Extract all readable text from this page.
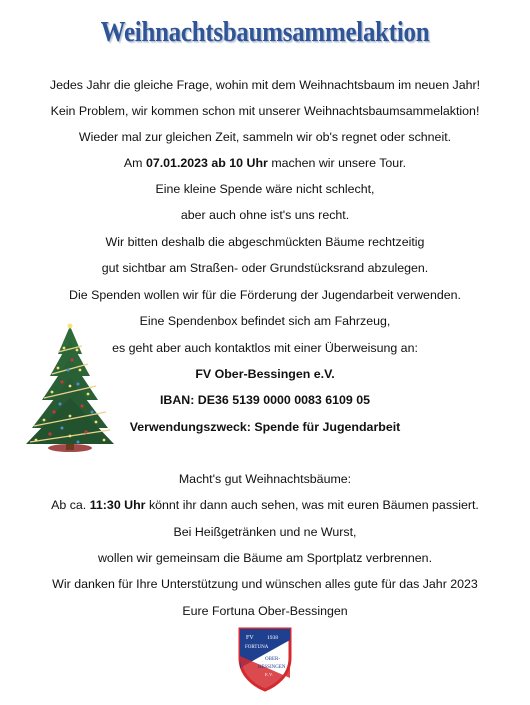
Weihnachtsbaumsammelaktion
Jedes Jahr die gleiche Frage, wohin mit dem Weihnachtsbaum im neuen Jahr!
Kein Problem, wir kommen schon mit unserer Weihnachtsbaumsammelaktion!
Wieder mal zur gleichen Zeit, sammeln wir ob's regnet oder schneit.
Am 07.01.2023 ab 10 Uhr machen wir unsere Tour.
Eine kleine Spende wäre nicht schlecht,
aber auch ohne ist's uns recht.
Wir bitten deshalb die abgeschmückten Bäume rechtzeitig
gut sichtbar am Straßen- oder Grundstücksrand abzulegen.
Die Spenden wollen wir für die Förderung der Jugendarbeit verwenden.
Eine Spendenbox befindet sich am Fahrzeug,
es geht aber auch kontaktlos mit einer Überweisung an:
FV Ober-Bessingen e.V.
IBAN: DE36 5139 0000 0083 6109 05
Verwendungszweck: Spende für Jugendarbeit
Macht's gut Weihnachtsbäume:
Ab ca. 11:30 Uhr könnt ihr dann auch sehen, was mit euren Bäumen passiert.
Bei Heißgetränken und ne Wurst,
wollen wir gemeinsam die Bäume am Sportplatz verbrennen.
Wir danken für Ihre Unterstützung und wünschen alles gute für das Jahr 2023
Eure Fortuna Ober-Bessingen
FV 1938
FORTUNA
OBER-
BESSINGEN
E.V.
